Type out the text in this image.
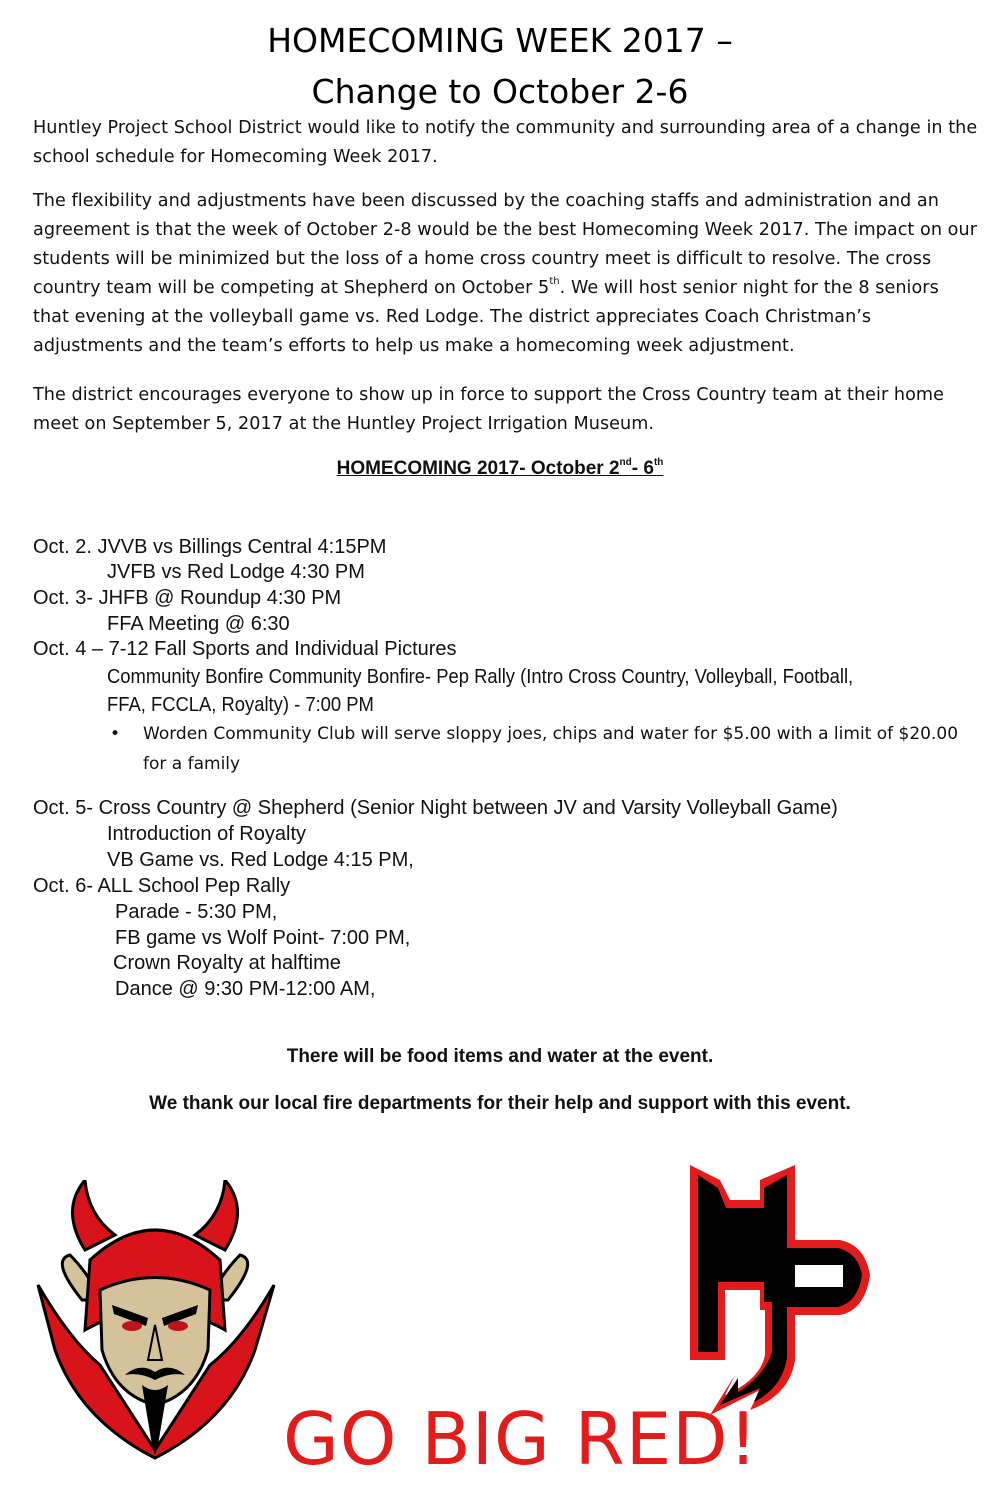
HOMECOMING WEEK 2017 –
Change to October 2-6
Huntley Project School District would like to notify the community and surrounding area of a change in the school schedule for Homecoming Week 2017.
The flexibility and adjustments have been discussed by the coaching staffs and administration and an agreement is that the week of October 2-8 would be the best Homecoming Week 2017. The impact on our students will be minimized but the loss of a home cross country meet is difficult to resolve. The cross country team will be competing at Shepherd on October 5th. We will host senior night for the 8 seniors that evening at the volleyball game vs. Red Lodge. The district appreciates Coach Christman’s adjustments and the team’s efforts to help us make a homecoming week adjustment.
The district encourages everyone to show up in force to support the Cross Country team at their home meet on September 5, 2017 at the Huntley Project Irrigation Museum.
HOMECOMING 2017- October 2nd- 6th
Oct. 2. JVVB vs Billings Central 4:15PM
JVFB vs Red Lodge 4:30 PM
Oct. 3- JHFB @ Roundup 4:30 PM
FFA Meeting @ 6:30
Oct. 4 – 7-12 Fall Sports and Individual Pictures
Community Bonfire Community Bonfire- Pep Rally (Intro Cross Country, Volleyball, Football,
FFA, FCCLA, Royalty) - 7:00 PM
• Worden Community Club will serve sloppy joes, chips and water for $5.00 with a limit of $20.00 for a family
Oct. 5- Cross Country @ Shepherd (Senior Night between JV and Varsity Volleyball Game)
Introduction of Royalty
VB Game vs. Red Lodge 4:15 PM,
Oct. 6- ALL School Pep Rally
Parade - 5:30 PM,
FB game vs Wolf Point- 7:00 PM,
Crown Royalty at halftime
Dance @ 9:30 PM-12:00 AM,
There will be food items and water at the event.
We thank our local fire departments for their help and support with this event.
GO BIG RED!
